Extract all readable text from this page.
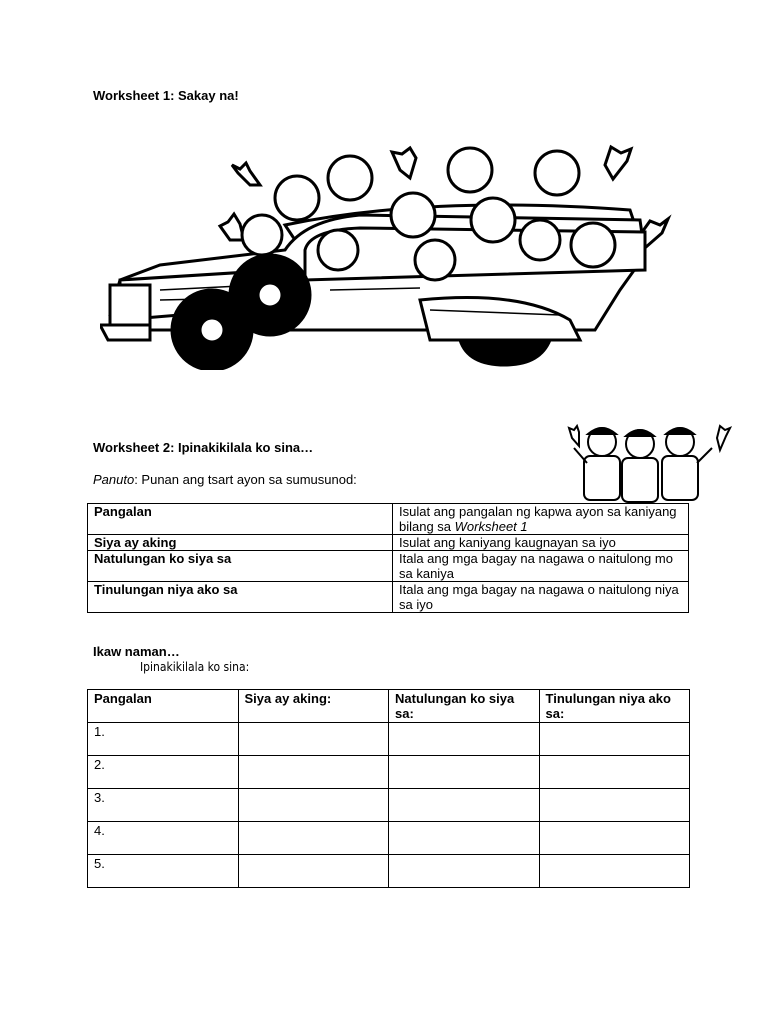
Worksheet 1: Sakay na!
Worksheet 2: Ipinakikilala ko sina…
Panuto: Punan ang tsart ayon sa sumusunod:
Pangalan	Isulat ang pangalan ng kapwa ayon sa kaniyang bilang sa Worksheet 1
Siya ay aking	Isulat ang kaniyang kaugnayan sa iyo
Natulungan ko siya sa	Itala ang mga bagay na nagawa o naitulong mo sa kaniya
Tinulungan niya ako sa	Itala ang mga bagay na nagawa o naitulong niya sa iyo
Ikaw naman…
Ipinakikilala ko sina:
Pangalan	Siya ay aking:	Natulungan ko siya sa:	Tinulungan niya ako sa:
1.			
2.			
3.			
4.			
5.			
